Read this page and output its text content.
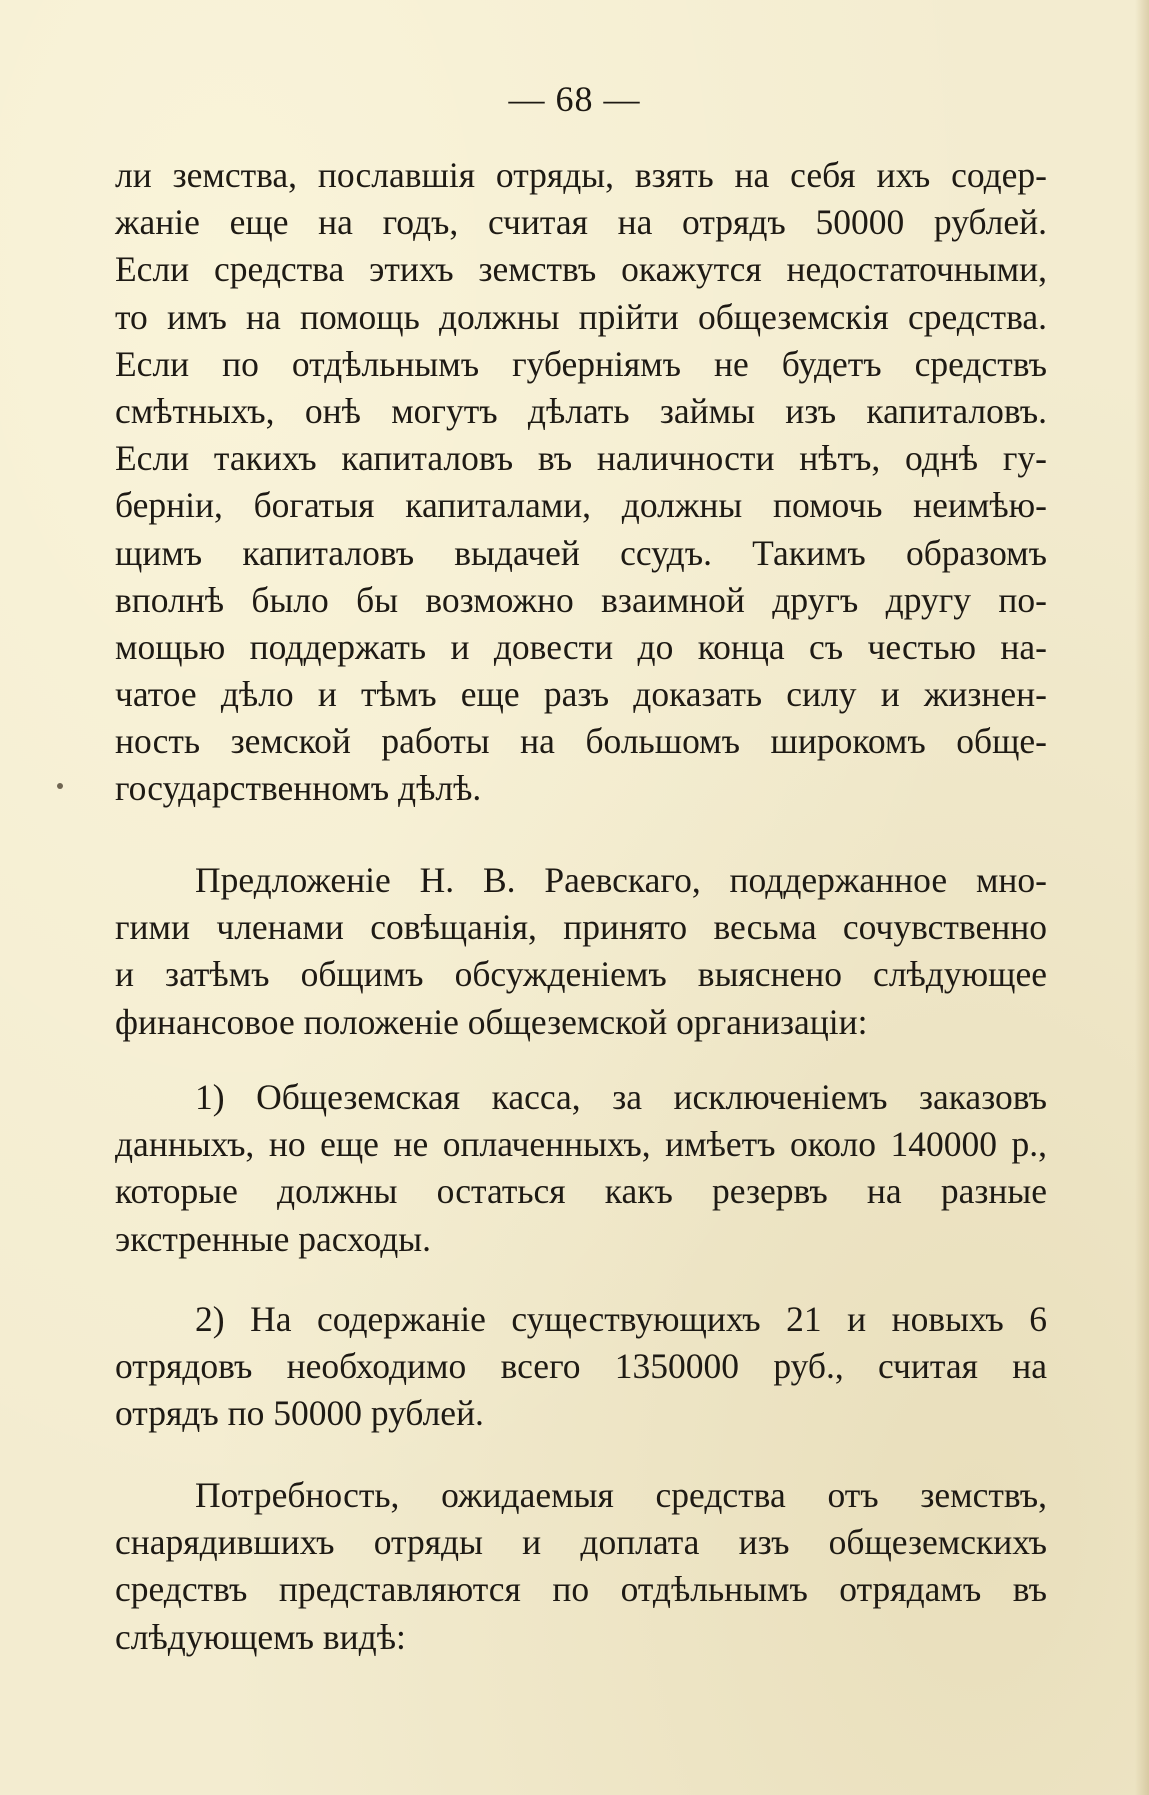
— 68 —
ли земства, пославшія отряды, взять на себя ихъ содер-
жаніе еще на годъ, считая на отрядъ 50000 рублей.
Если средства этихъ земствъ окажутся недостаточными,
то имъ на помощь должны прійти общеземскія средства.
Если по отдѣльнымъ губерніямъ не будетъ средствъ
смѣтныхъ, онѣ могутъ дѣлать займы изъ капиталовъ.
Если такихъ капиталовъ въ наличности нѣтъ, однѣ гу-
берніи, богатыя капиталами, должны помочь неимѣю-
щимъ капиталовъ выдачей ссудъ. Такимъ образомъ
вполнѣ было бы возможно взаимной другъ другу по-
мощью поддержать и довести до конца съ честью на-
чатое дѣло и тѣмъ еще разъ доказать силу и жизнен-
ность земской работы на большомъ широкомъ обще-
государственномъ дѣлѣ.
Предложеніе Н. В. Раевскаго, поддержанное мно-
гими членами совѣщанія, принято весьма сочувственно
и затѣмъ общимъ обсужденіемъ выяснено слѣдующее
финансовое положеніе общеземской организаціи:
1) Общеземская касса, за исключеніемъ заказовъ
данныхъ, но еще не оплаченныхъ, имѣетъ около 140000 р.,
которые должны остаться какъ резервъ на разные
экстренные расходы.
2) На содержаніе существующихъ 21 и новыхъ 6
отрядовъ необходимо всего 1350000 руб., считая на
отрядъ по 50000 рублей.
Потребность, ожидаемыя средства отъ земствъ,
снарядившихъ отряды и доплата изъ общеземскихъ
средствъ представляются по отдѣльнымъ отрядамъ въ
слѣдующемъ видѣ:
